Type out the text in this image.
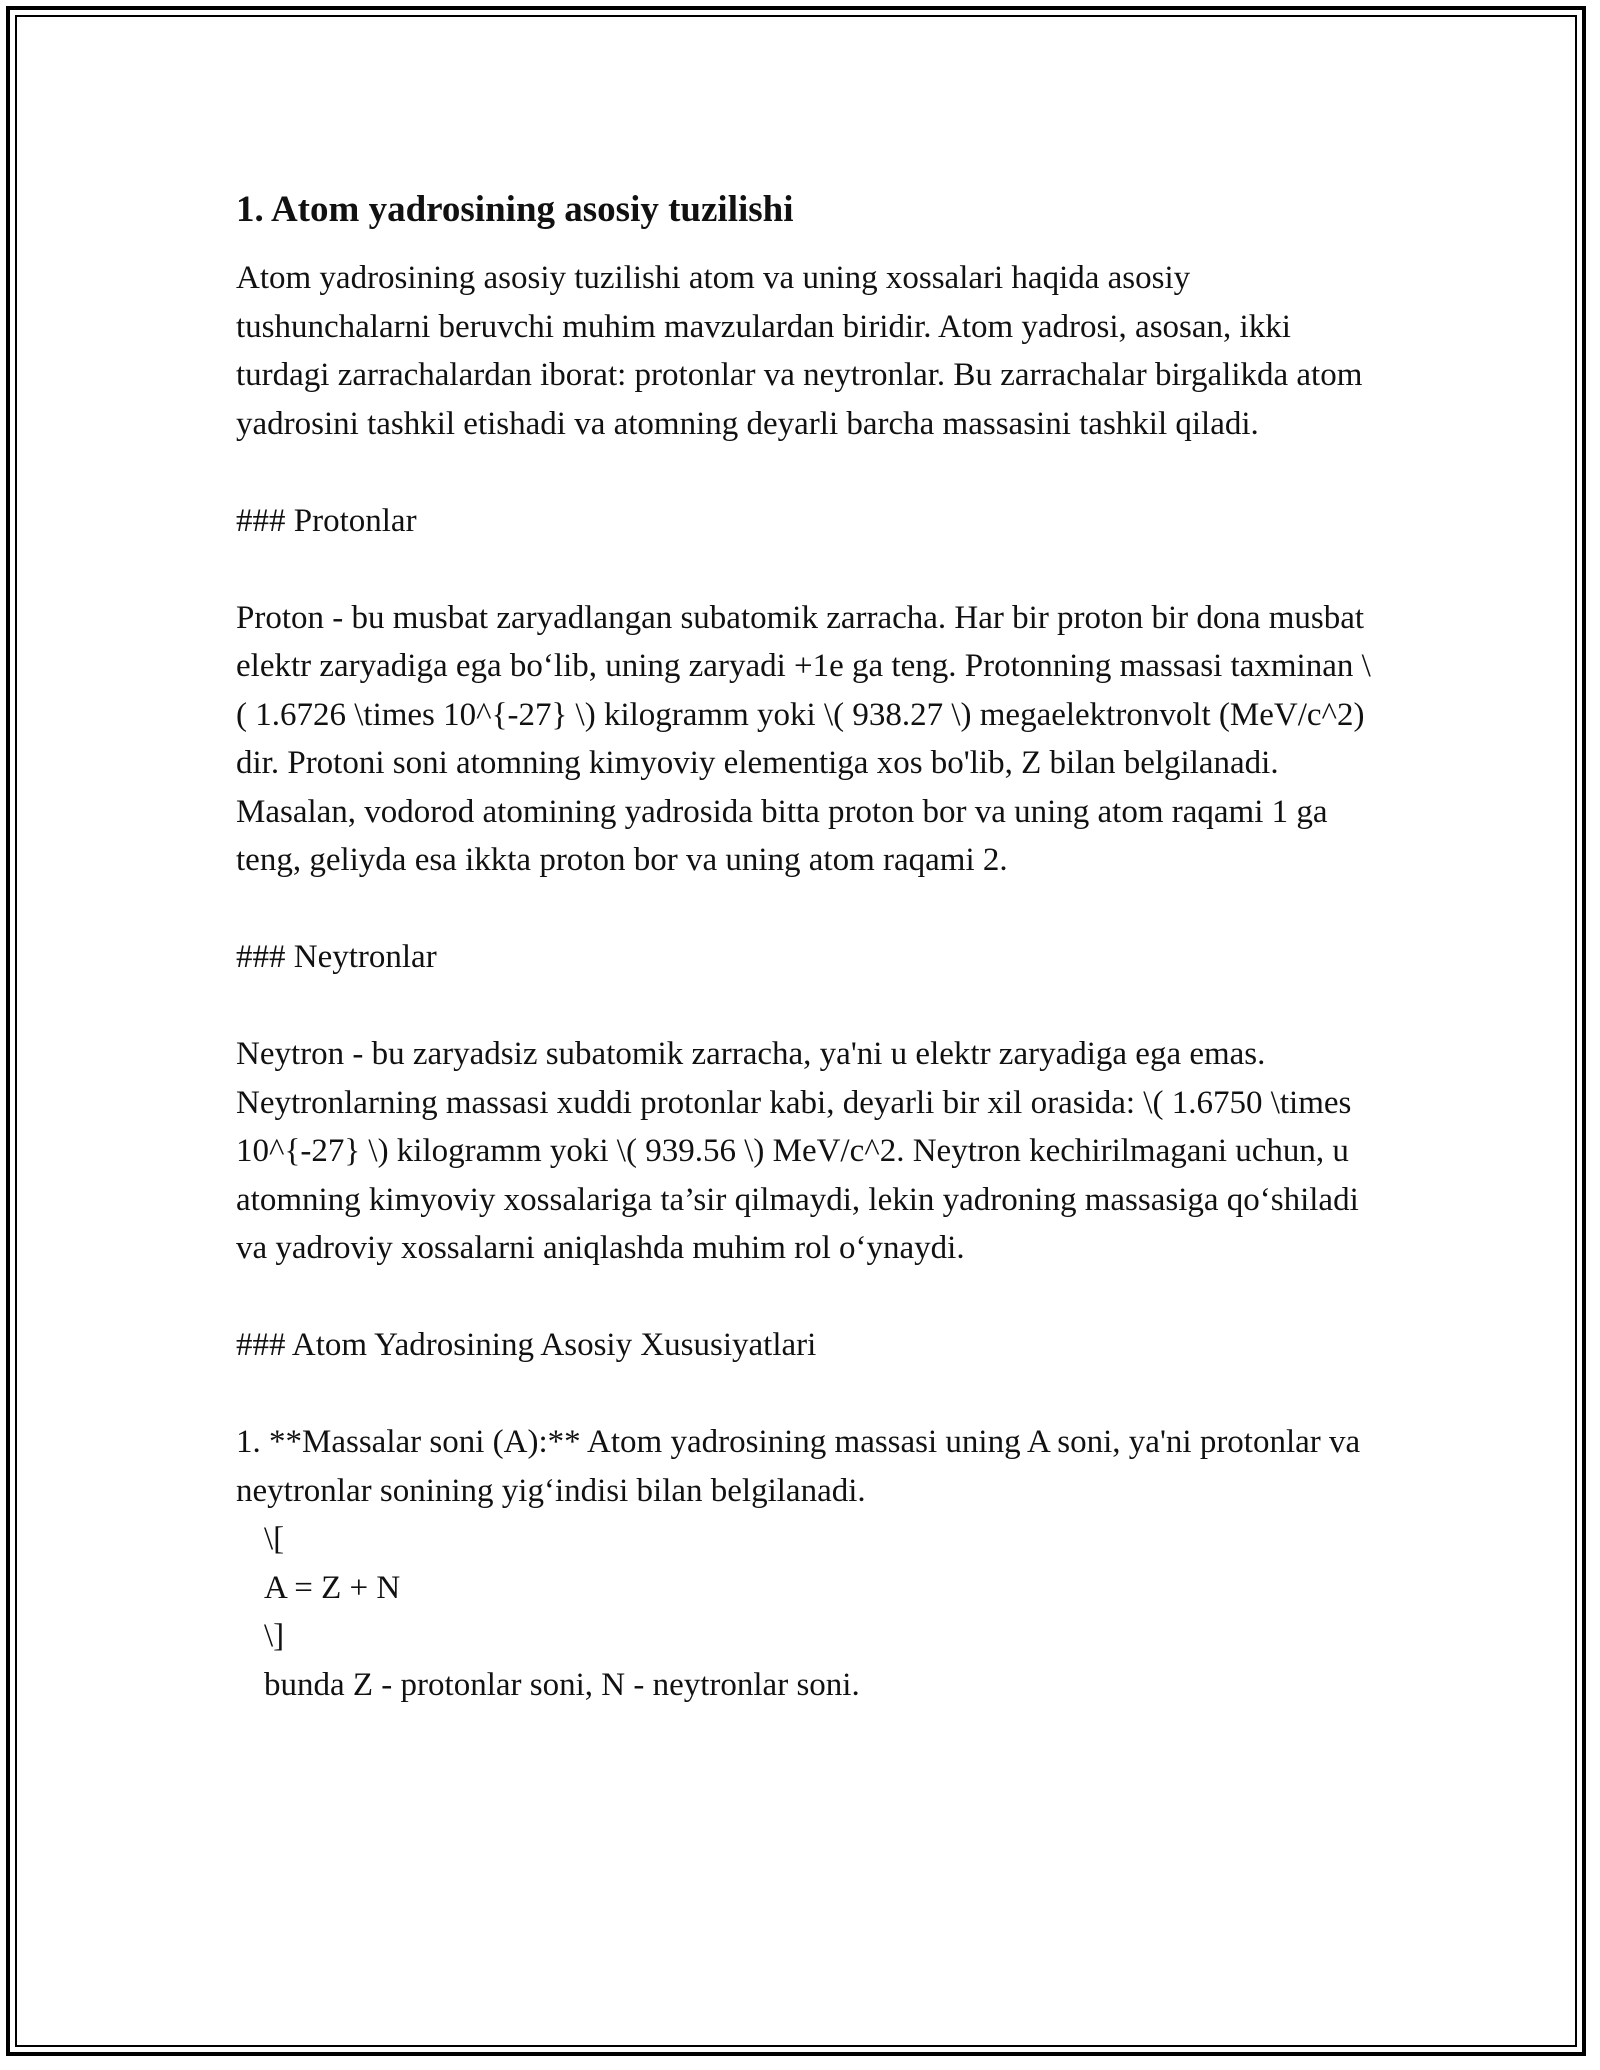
1. Atom yadrosining asosiy tuzilishi

Atom yadrosining asosiy tuzilishi atom va uning xossalari haqida asosiy tushunchalarni beruvchi muhim mavzulardan biridir. Atom yadrosi, asosan, ikki turdagi zarrachalardan iborat: protonlar va neytronlar. Bu zarrachalar birgalikda atom yadrosini tashkil etishadi va atomning deyarli barcha massasini tashkil qiladi.

### Protonlar

Proton - bu musbat zaryadlangan subatomik zarracha. Har bir proton bir dona musbat elektr zaryadiga ega bo‘lib, uning zaryadi +1e ga teng. Protonning massasi taxminan \( 1.6726 \times 10^{-27} \) kilogramm yoki \( 938.27 \) megaelektronvolt (MeV/c^2) dir. Protoni soni atomning kimyoviy elementiga xos bo'lib, Z bilan belgilanadi. Masalan, vodorod atomining yadrosida bitta proton bor va uning atom raqami 1 ga teng, geliyda esa ikkta proton bor va uning atom raqami 2.

### Neytronlar

Neytron - bu zaryadsiz subatomik zarracha, ya'ni u elektr zaryadiga ega emas. Neytronlarning massasi xuddi protonlar kabi, deyarli bir xil orasida: \( 1.6750 \times 10^{-27} \) kilogramm yoki \( 939.56 \) MeV/c^2. Neytron kechirilmagani uchun, u atomning kimyoviy xossalariga ta’sir qilmaydi, lekin yadroning massasiga qo‘shiladi va yadroviy xossalarni aniqlashda muhim rol o‘ynaydi.

### Atom Yadrosining Asosiy Xususiyatlari

1. **Massalar soni (A):** Atom yadrosining massasi uning A soni, ya'ni protonlar va neytronlar sonining yig‘indisi bilan belgilanadi.

\[
A = Z + N
\]
bunda Z - protonlar soni, N - neytronlar soni.
